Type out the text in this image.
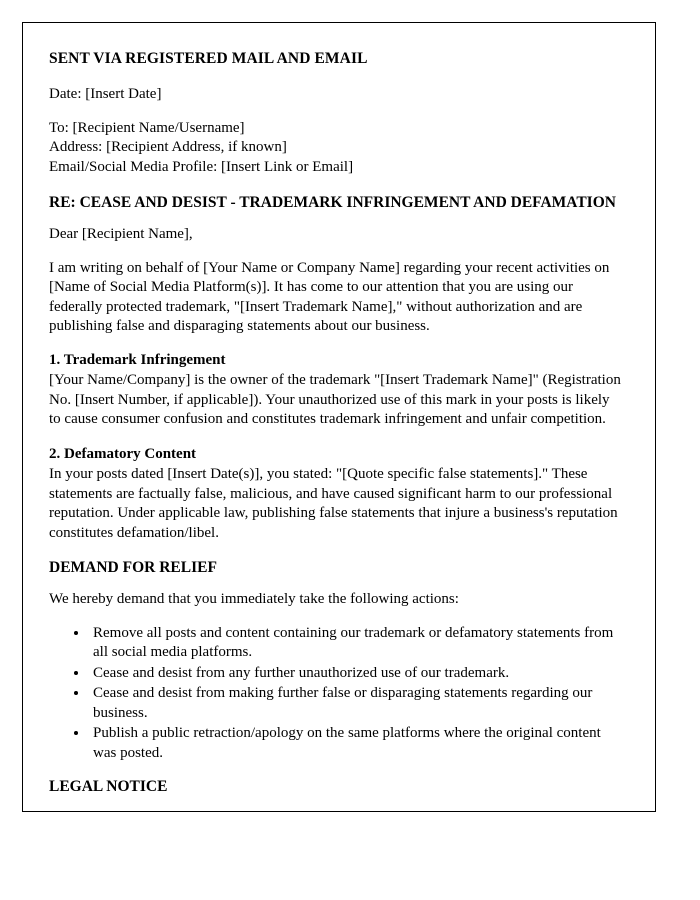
SENT VIA REGISTERED MAIL AND EMAIL
Date: [Insert Date]
To: [Recipient Name/Username]
Address: [Recipient Address, if known]
Email/Social Media Profile: [Insert Link or Email]
RE: CEASE AND DESIST - TRADEMARK INFRINGEMENT AND DEFAMATION
Dear [Recipient Name],
I am writing on behalf of [Your Name or Company Name] regarding your recent activities on [Name of Social Media Platform(s)]. It has come to our attention that you are using our federally protected trademark, "[Insert Trademark Name]," without authorization and are publishing false and disparaging statements about our business.
1. Trademark Infringement
[Your Name/Company] is the owner of the trademark "[Insert Trademark Name]" (Registration No. [Insert Number, if applicable]). Your unauthorized use of this mark in your posts is likely to cause consumer confusion and constitutes trademark infringement and unfair competition.
2. Defamatory Content
In your posts dated [Insert Date(s)], you stated: "[Quote specific false statements]." These statements are factually false, malicious, and have caused significant harm to our professional reputation. Under applicable law, publishing false statements that injure a business's reputation constitutes defamation/libel.
DEMAND FOR RELIEF
We hereby demand that you immediately take the following actions:
• Remove all posts and content containing our trademark or defamatory statements from all social media platforms.
• Cease and desist from any further unauthorized use of our trademark.
• Cease and desist from making further false or disparaging statements regarding our business.
• Publish a public retraction/apology on the same platforms where the original content was posted.
LEGAL NOTICE
